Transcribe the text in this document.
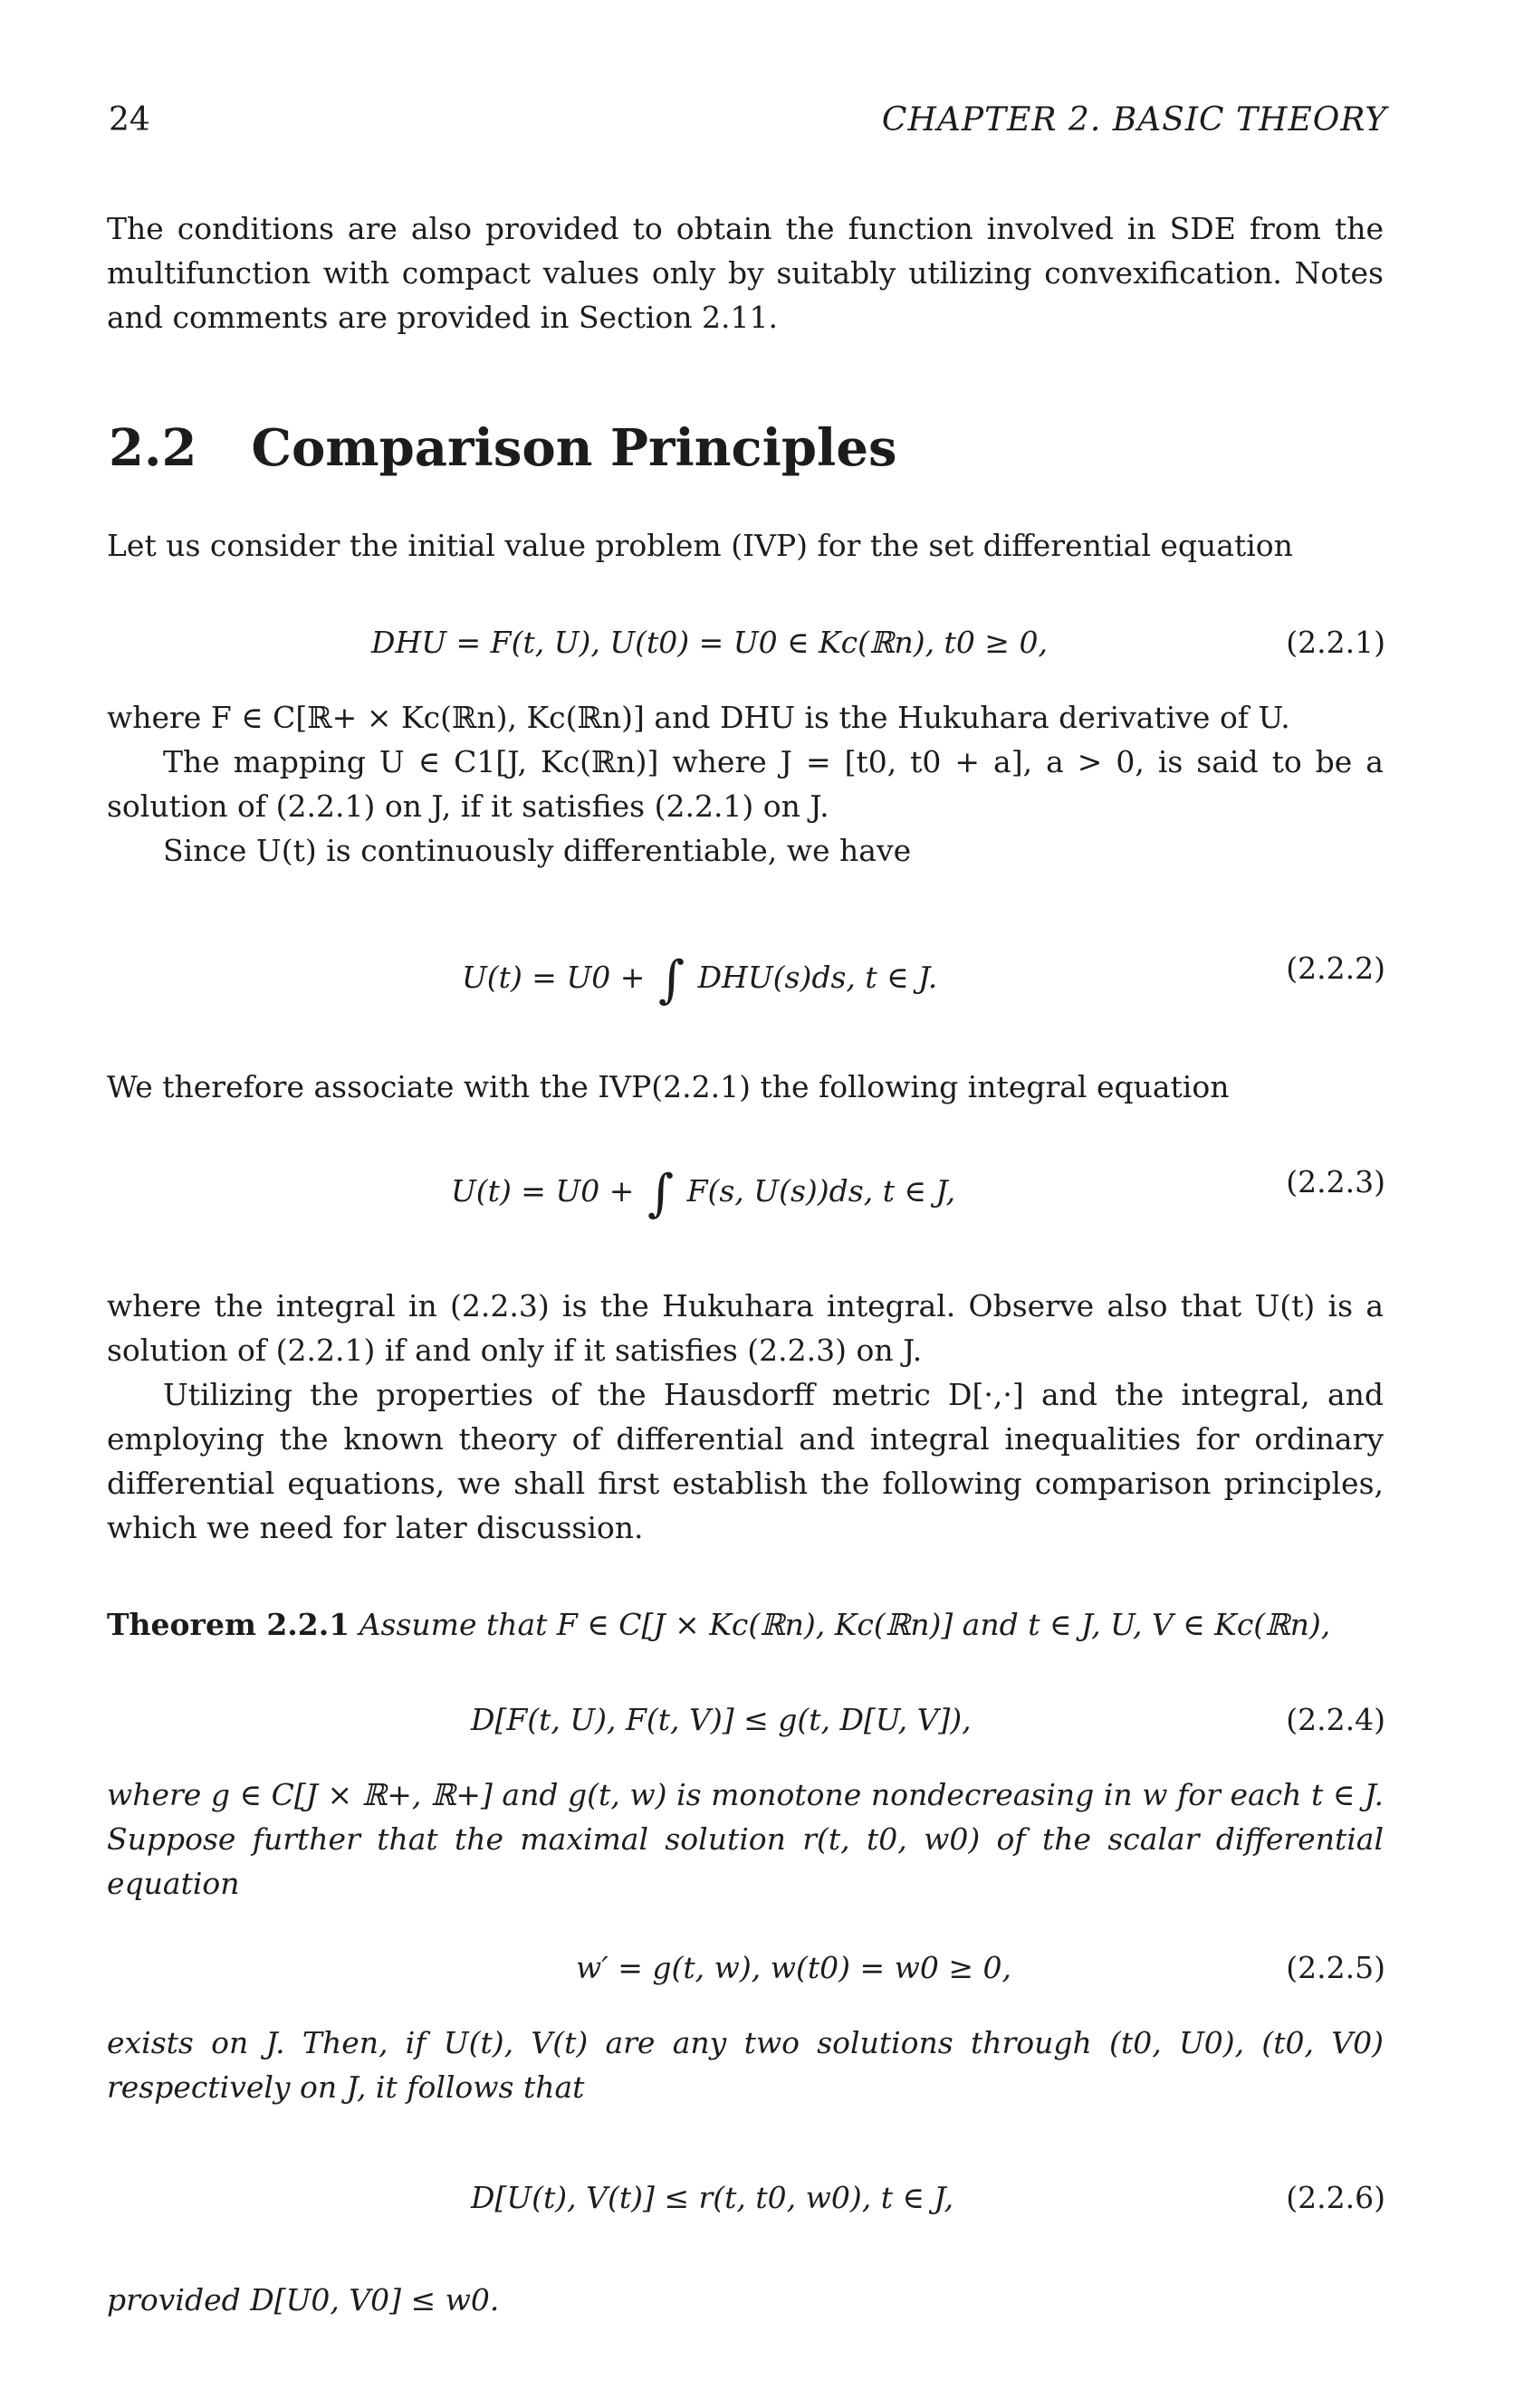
24	CHAPTER 2. BASIC THEORY

The conditions are also provided to obtain the function involved in SDE from the multifunction with compact values only by suitably utilizing convexification. Notes and comments are provided in Section 2.11.

2.2 Comparison Principles

Let us consider the initial value problem (IVP) for the set differential equation

DHU = F(t, U), U(t0) = U0 ∈ Kc(ℝn), t0 ≥ 0,	(2.2.1)

where F ∈ C[ℝ+ × Kc(ℝn), Kc(ℝn)] and DHU is the Hukuhara derivative of U.

The mapping U ∈ C1[J, Kc(ℝn)] where J = [t0, t0 + a], a > 0, is said to be a solution of (2.2.1) on J, if it satisfies (2.2.1) on J.

Since U(t) is continuously differentiable, we have

U(t) = U0 + ∫ DHU(s)ds, t ∈ J.	(2.2.2)

We therefore associate with the IVP(2.2.1) the following integral equation

U(t) = U0 + ∫ F(s, U(s))ds, t ∈ J,	(2.2.3)

where the integral in (2.2.3) is the Hukuhara integral. Observe also that U(t) is a solution of (2.2.1) if and only if it satisfies (2.2.3) on J.

Utilizing the properties of the Hausdorff metric D[·,·] and the integral, and employing the known theory of differential and integral inequalities for ordinary differential equations, we shall first establish the following comparison principles, which we need for later discussion.

Theorem 2.2.1 Assume that F ∈ C[J × Kc(ℝn), Kc(ℝn)] and t ∈ J, U, V ∈ Kc(ℝn),

D[F(t, U), F(t, V)] ≤ g(t, D[U, V]),	(2.2.4)

where g ∈ C[J × ℝ+, ℝ+] and g(t, w) is monotone nondecreasing in w for each t ∈ J. Suppose further that the maximal solution r(t, t0, w0) of the scalar differential equation

w′ = g(t, w), w(t0) = w0 ≥ 0,	(2.2.5)

exists on J. Then, if U(t), V(t) are any two solutions through (t0, U0), (t0, V0) respectively on J, it follows that

D[U(t), V(t)] ≤ r(t, t0, w0), t ∈ J,	(2.2.6)

provided D[U0, V0] ≤ w0.
